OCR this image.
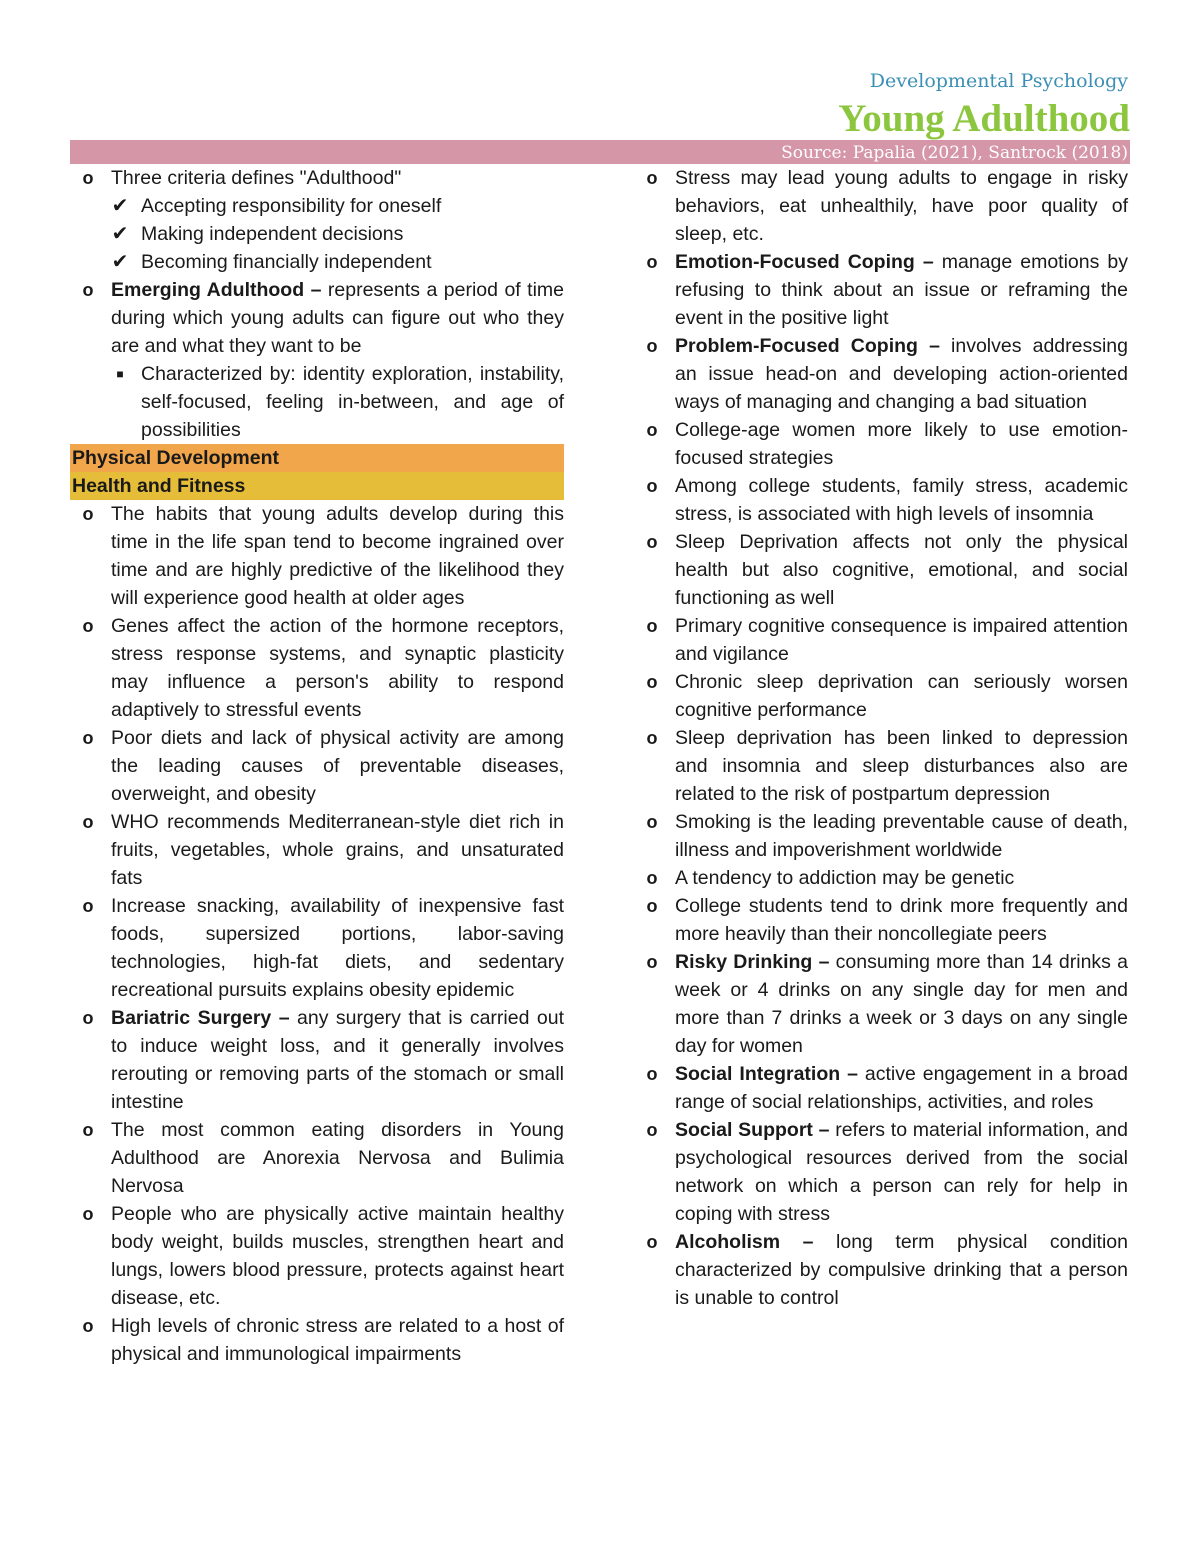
Developmental Psychology
Young Adulthood
Source: Papalia (2021), Santrock (2018)
o Three criteria defines "Adulthood"
✔ Accepting responsibility for oneself
✔ Making independent decisions
✔ Becoming financially independent
o Emerging Adulthood – represents a period of time during which young adults can figure out who they are and what they want to be
■ Characterized by: identity exploration, instability, self-focused, feeling in-between, and age of possibilities
Physical Development
Health and Fitness
o The habits that young adults develop during this time in the life span tend to become ingrained over time and are highly predictive of the likelihood they will experience good health at older ages
o Genes affect the action of the hormone receptors, stress response systems, and synaptic plasticity may influence a person's ability to respond adaptively to stressful events
o Poor diets and lack of physical activity are among the leading causes of preventable diseases, overweight, and obesity
o WHO recommends Mediterranean-style diet rich in fruits, vegetables, whole grains, and unsaturated fats
o Increase snacking, availability of inexpensive fast foods, supersized portions, labor-saving technologies, high-fat diets, and sedentary recreational pursuits explains obesity epidemic
o Bariatric Surgery – any surgery that is carried out to induce weight loss, and it generally involves rerouting or removing parts of the stomach or small intestine
o The most common eating disorders in Young Adulthood are Anorexia Nervosa and Bulimia Nervosa
o People who are physically active maintain healthy body weight, builds muscles, strengthen heart and lungs, lowers blood pressure, protects against heart disease, etc.
o High levels of chronic stress are related to a host of physical and immunological impairments
o Stress may lead young adults to engage in risky behaviors, eat unhealthily, have poor quality of sleep, etc.
o Emotion-Focused Coping – manage emotions by refusing to think about an issue or reframing the event in the positive light
o Problem-Focused Coping – involves addressing an issue head-on and developing action-oriented ways of managing and changing a bad situation
o College-age women more likely to use emotion-focused strategies
o Among college students, family stress, academic stress, is associated with high levels of insomnia
o Sleep Deprivation affects not only the physical health but also cognitive, emotional, and social functioning as well
o Primary cognitive consequence is impaired attention and vigilance
o Chronic sleep deprivation can seriously worsen cognitive performance
o Sleep deprivation has been linked to depression and insomnia and sleep disturbances also are related to the risk of postpartum depression
o Smoking is the leading preventable cause of death, illness and impoverishment worldwide
o A tendency to addiction may be genetic
o College students tend to drink more frequently and more heavily than their noncollegiate peers
o Risky Drinking – consuming more than 14 drinks a week or 4 drinks on any single day for men and more than 7 drinks a week or 3 days on any single day for women
o Social Integration – active engagement in a broad range of social relationships, activities, and roles
o Social Support – refers to material information, and psychological resources derived from the social network on which a person can rely for help in coping with stress
o Alcoholism – long term physical condition characterized by compulsive drinking that a person is unable to control
